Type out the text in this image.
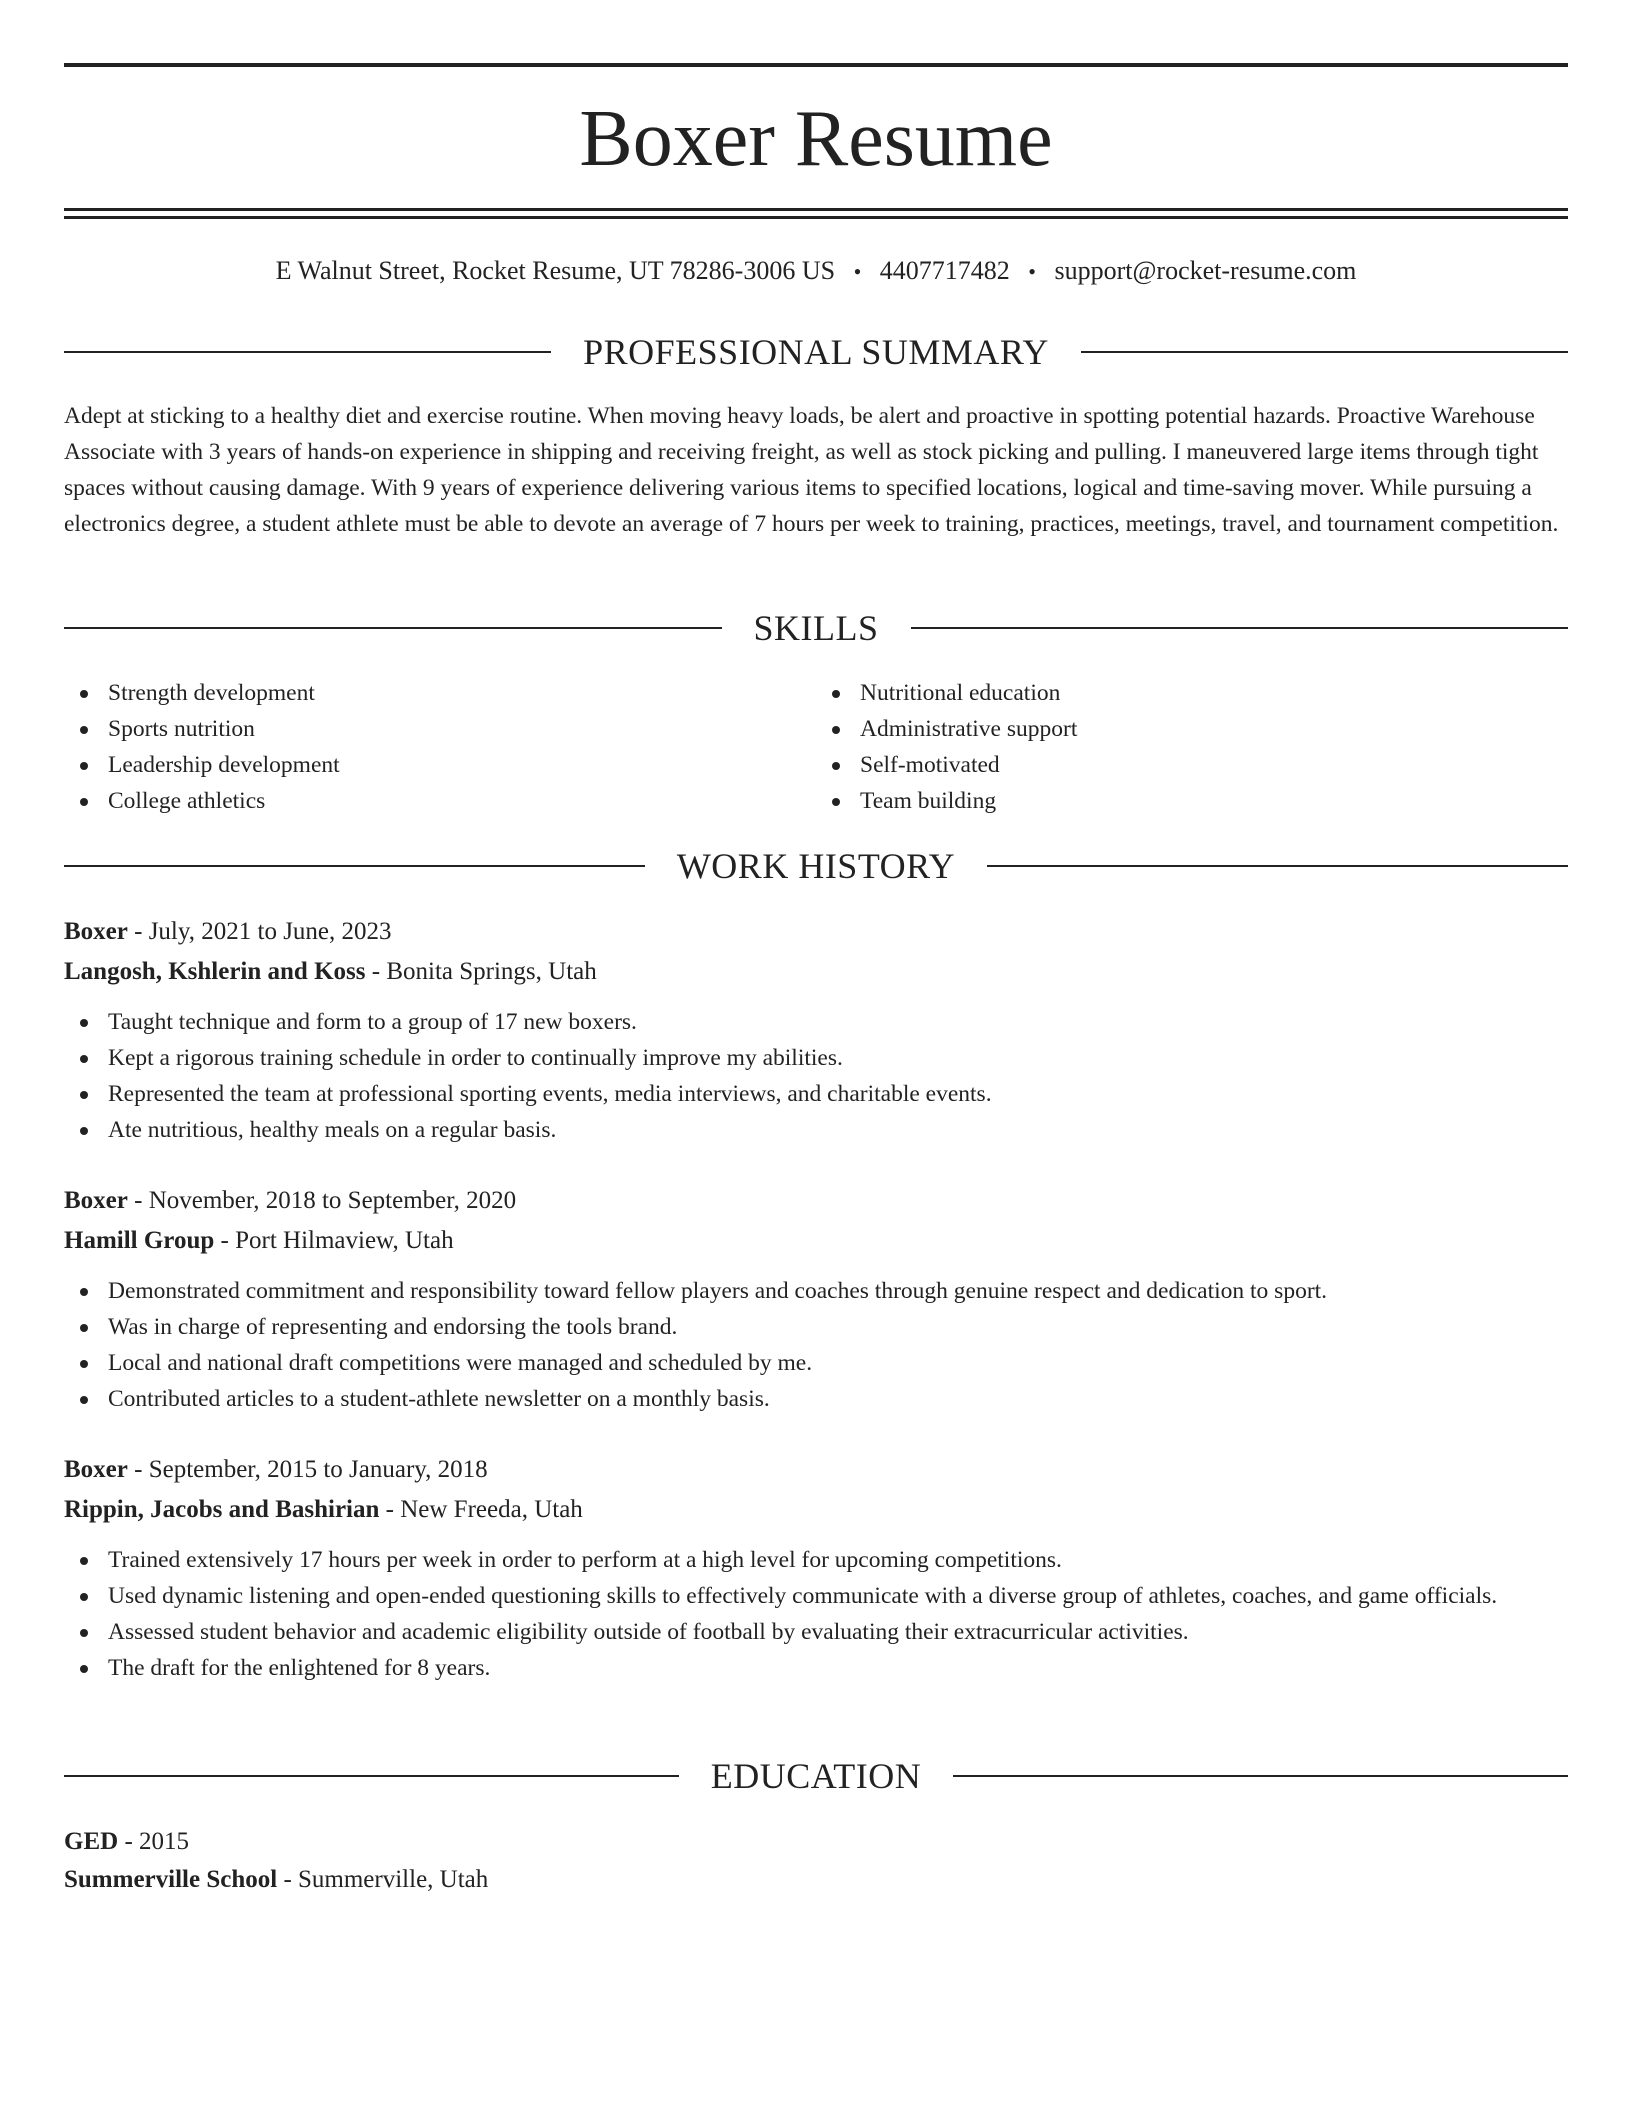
Boxer Resume
E Walnut Street, Rocket Resume, UT 78286-3006 US • 4407717482 • support@rocket-resume.com
PROFESSIONAL SUMMARY

Adept at sticking to a healthy diet and exercise routine. When moving heavy loads, be alert and proactive in spotting potential hazards. Proactive Warehouse Associate with 3 years of hands-on experience in shipping and receiving freight, as well as stock picking and pulling. I maneuvered large items through tight spaces without causing damage. With 9 years of experience delivering various items to specified locations, logical and time-saving mover. While pursuing a electronics degree, a student athlete must be able to devote an average of 7 hours per week to training, practices, meetings, travel, and tournament competition.

SKILLS
Strength development
Sports nutrition
Leadership development
College athletics
Nutritional education
Administrative support
Self-motivated
Team building
WORK HISTORY
Boxer - July, 2021 to June, 2023
Langosh, Kshlerin and Koss - Bonita Springs, Utah
Taught technique and form to a group of 17 new boxers.
Kept a rigorous training schedule in order to continually improve my abilities.
Represented the team at professional sporting events, media interviews, and charitable events.
Ate nutritious, healthy meals on a regular basis.
Boxer - November, 2018 to September, 2020
Hamill Group - Port Hilmaview, Utah
Demonstrated commitment and responsibility toward fellow players and coaches through genuine respect and dedication to sport.
Was in charge of representing and endorsing the tools brand.
Local and national draft competitions were managed and scheduled by me.
Contributed articles to a student-athlete newsletter on a monthly basis.
Boxer - September, 2015 to January, 2018
Rippin, Jacobs and Bashirian - New Freeda, Utah
Trained extensively 17 hours per week in order to perform at a high level for upcoming competitions.
Used dynamic listening and open-ended questioning skills to effectively communicate with a diverse group of athletes, coaches, and game officials.
Assessed student behavior and academic eligibility outside of football by evaluating their extracurricular activities.
The draft for the enlightened for 8 years.
EDUCATION
GED - 2015
Summerville School - Summerville, Utah
